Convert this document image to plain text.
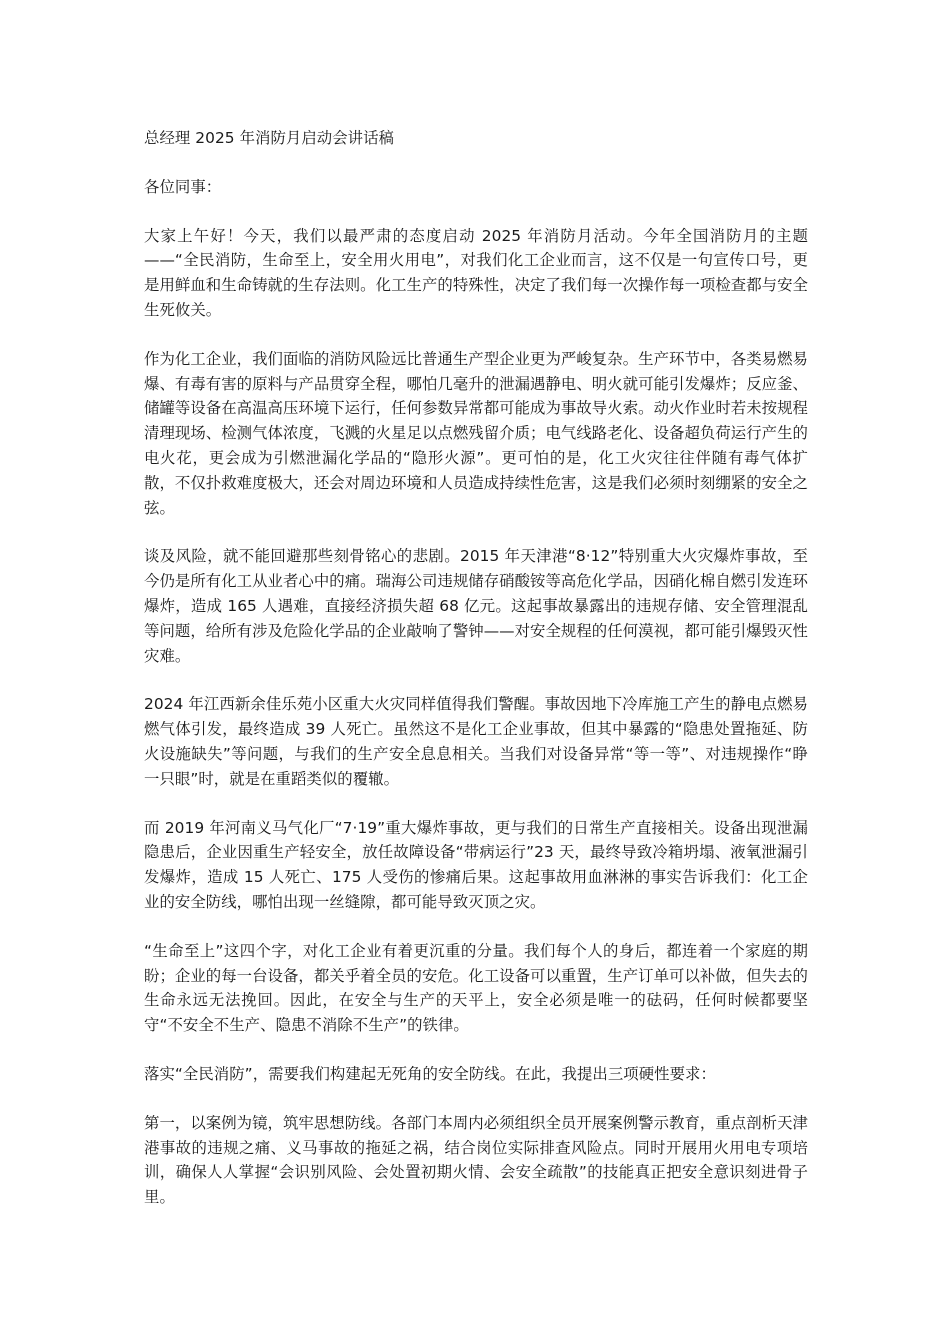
总经理 2025 年消防月启动会讲话稿

各位同事：

大家上午好！今天，我们以最严肃的态度启动 2025 年消防月活动。今年全国消防月的主题——“全民消防，生命至上，安全用火用电”，对我们化工企业而言，这不仅是一句宣传口号，更是用鲜血和生命铸就的生存法则。化工生产的特殊性，决定了我们每一次操作每一项检查都与安全生死攸关。

作为化工企业，我们面临的消防风险远比普通生产型企业更为严峻复杂。生产环节中，各类易燃易爆、有毒有害的原料与产品贯穿全程，哪怕几毫升的泄漏遇静电、明火就可能引发爆炸；反应釜、储罐等设备在高温高压环境下运行，任何参数异常都可能成为事故导火索。动火作业时若未按规程清理现场、检测气体浓度，飞溅的火星足以点燃残留介质；电气线路老化、设备超负荷运行产生的电火花，更会成为引燃泄漏化学品的“隐形火源”。更可怕的是，化工火灾往往伴随有毒气体扩散，不仅扑救难度极大，还会对周边环境和人员造成持续性危害，这是我们必须时刻绷紧的安全之弦。

谈及风险，就不能回避那些刻骨铭心的悲剧。2015 年天津港“8·12”特别重大火灾爆炸事故，至今仍是所有化工从业者心中的痛。瑞海公司违规储存硝酸铵等高危化学品，因硝化棉自燃引发连环爆炸，造成 165 人遇难，直接经济损失超 68 亿元。这起事故暴露出的违规存储、安全管理混乱等问题，给所有涉及危险化学品的企业敲响了警钟——对安全规程的任何漠视，都可能引爆毁灭性灾难。

2024 年江西新余佳乐苑小区重大火灾同样值得我们警醒。事故因地下冷库施工产生的静电点燃易燃气体引发，最终造成 39 人死亡。虽然这不是化工企业事故，但其中暴露的“隐患处置拖延、防火设施缺失”等问题，与我们的生产安全息息相关。当我们对设备异常“等一等”、对违规操作“睁一只眼”时，就是在重蹈类似的覆辙。

而 2019 年河南义马气化厂“7·19”重大爆炸事故，更与我们的日常生产直接相关。设备出现泄漏隐患后，企业因重生产轻安全，放任故障设备“带病运行”23 天，最终导致冷箱坍塌、液氧泄漏引发爆炸，造成 15 人死亡、175 人受伤的惨痛后果。这起事故用血淋淋的事实告诉我们：化工企业的安全防线，哪怕出现一丝缝隙，都可能导致灭顶之灾。

“生命至上”这四个字，对化工企业有着更沉重的分量。我们每个人的身后，都连着一个家庭的期盼；企业的每一台设备，都关乎着全员的安危。化工设备可以重置，生产订单可以补做，但失去的生命永远无法挽回。因此，在安全与生产的天平上，安全必须是唯一的砝码，任何时候都要坚守“不安全不生产、隐患不消除不生产”的铁律。

落实“全民消防”，需要我们构建起无死角的安全防线。在此，我提出三项硬性要求：

第一，以案例为镜，筑牢思想防线。各部门本周内必须组织全员开展案例警示教育，重点剖析天津港事故的违规之痛、义马事故的拖延之祸，结合岗位实际排查风险点。同时开展用火用电专项培训，确保人人掌握“会识别风险、会处置初期火情、会安全疏散”的技能真正把安全意识刻进骨子里。
